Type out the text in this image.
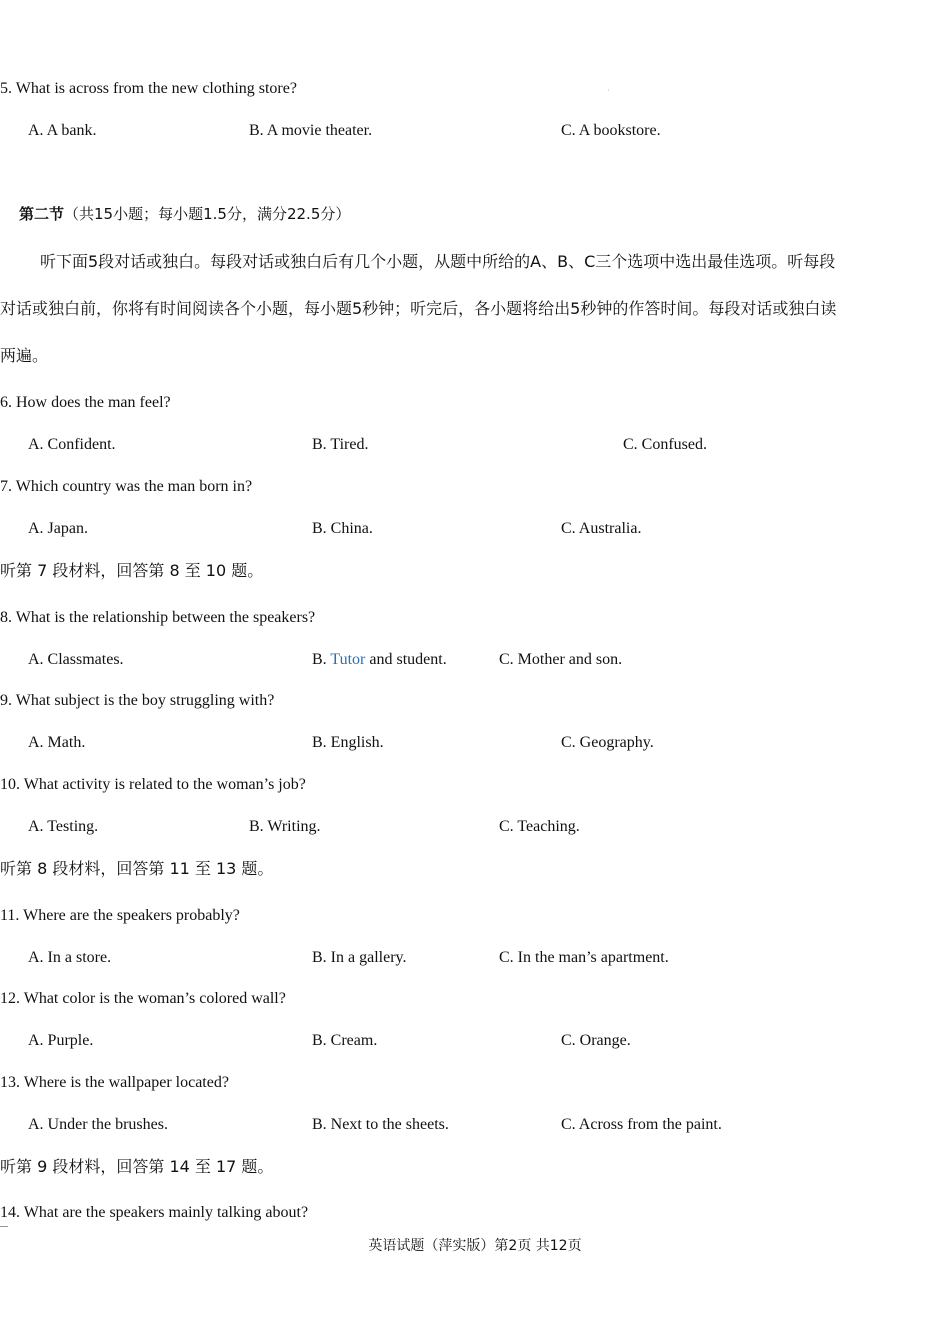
5. What is across from the new clothing store?	·
A. A bank.	B. A movie theater.	C. A bookstore.
第二节（共15小题；每小题1.5分，满分22.5分）
听下面5段对话或独白。每段对话或独白后有几个小题，从题中所给的A、B、C三个选项中选出最佳选项。听每段
对话或独白前，你将有时间阅读各个小题，每小题5秒钟；听完后，各小题将给出5秒钟的作答时间。每段对话或独白读
两遍。
6. How does the man feel?
A. Confident.	B. Tired.	C. Confused.
7. Which country was the man born in?
A. Japan.	B. China.	C. Australia.
听第 7 段材料，回答第 8 至 10 题。
8. What is the relationship between the speakers?
A. Classmates.	B. Tutor and student.	C. Mother and son.
9. What subject is the boy struggling with?
A. Math.	B. English.	C. Geography.
10. What activity is related to the woman’s job?
A. Testing.	B. Writing.	C. Teaching.
听第 8 段材料，回答第 11 至 13 题。
11. Where are the speakers probably?
A. In a store.	B. In a gallery.	C. In the man’s apartment.
12. What color is the woman’s colored wall?
A. Purple.	B. Cream.	C. Orange.
13. Where is the wallpaper located?
A. Under the brushes.	B. Next to the sheets.	C. Across from the paint.
听第 9 段材料，回答第 14 至 17 题。
14. What are the speakers mainly talking about?
英语试题（萍实版）第2页 共12页
